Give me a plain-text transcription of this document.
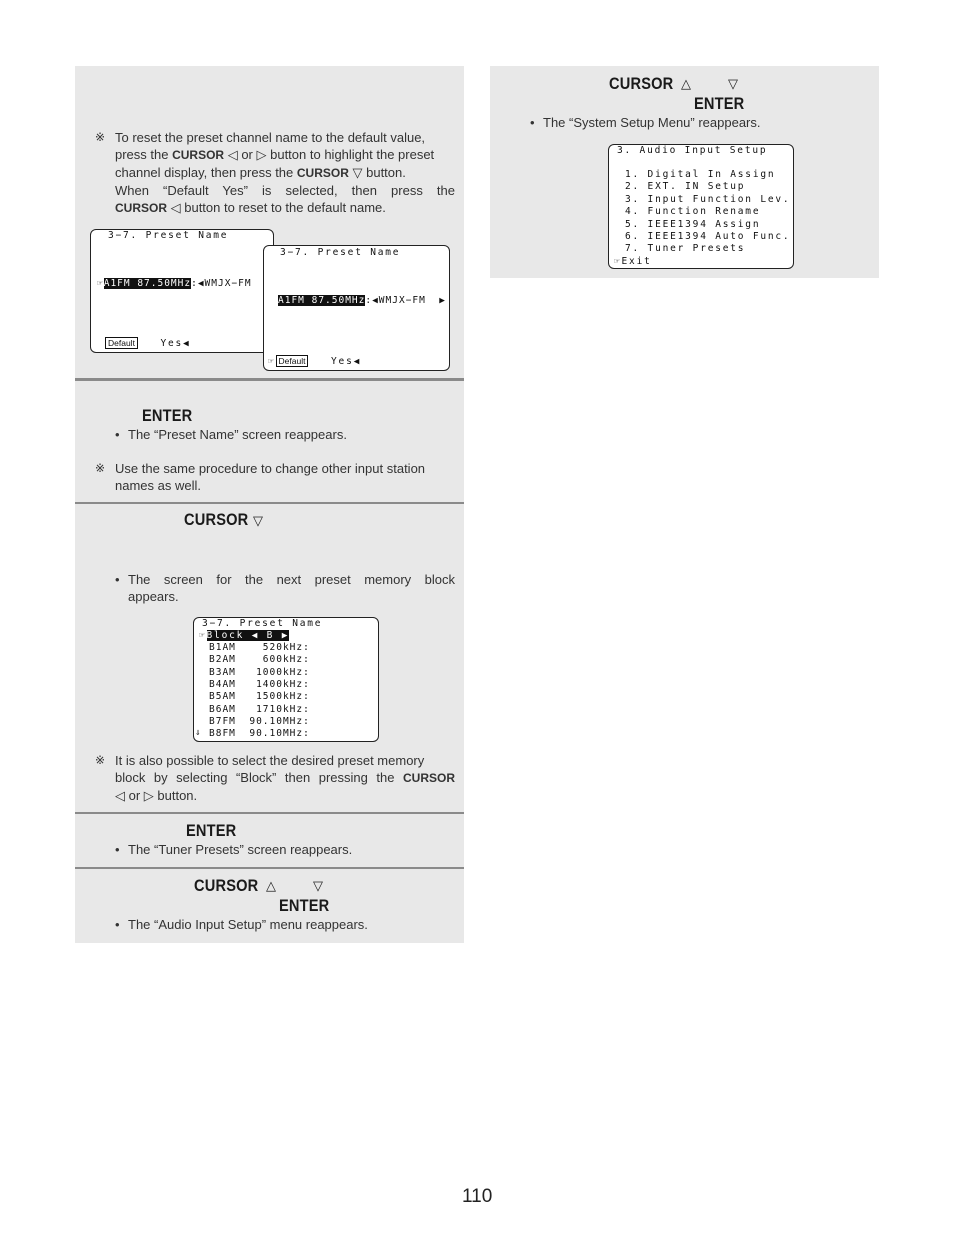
※ To reset the preset channel name to the default value,
press the CURSOR ◁ or ▷ button to highlight the preset
channel display, then press the CURSOR ▽ button.
When “Default Yes” is selected, then press the
CURSOR ◁ button to reset to the default name.
3−7. Preset Name
☞A1FM 87.50MHz:◀WMJX−FM
Default	Yes◀
3−7. Preset Name
A1FM 87.50MHz:◀WMJX−FM  ▶
☞ Default	Yes◀
ENTER
• The “Preset Name” screen reappears.
※ Use the same procedure to change other input station
names as well.
CURSOR ▽
• The screen for the next preset memory block
appears.
3−7. Preset Name
☞Block ◀ B ▶
B1AM    520kHz:
B2AM    600kHz:
B3AM   1000kHz:
B4AM   1400kHz:
B5AM   1500kHz:
B6AM   1710kHz:
B7FM 90.10MHz:
B8FM 90.10MHz:
⇓
※ It is also possible to select the desired preset memory
block by selecting “Block” then pressing the CURSOR
◁ or ▷ button.
ENTER
• The “Tuner Presets” screen reappears.
CURSOR △	▽
ENTER
• The “Audio Input Setup” menu reappears.
CURSOR △	▽
ENTER
• The “System Setup Menu” reappears.
3. Audio Input Setup
1. Digital In Assign
2. EXT. IN Setup
3. Input Function Lev.
4. Function Rename
5. IEEE1394 Assign
6. IEEE1394 Auto Func.
7. Tuner Presets
☞Exit
110
